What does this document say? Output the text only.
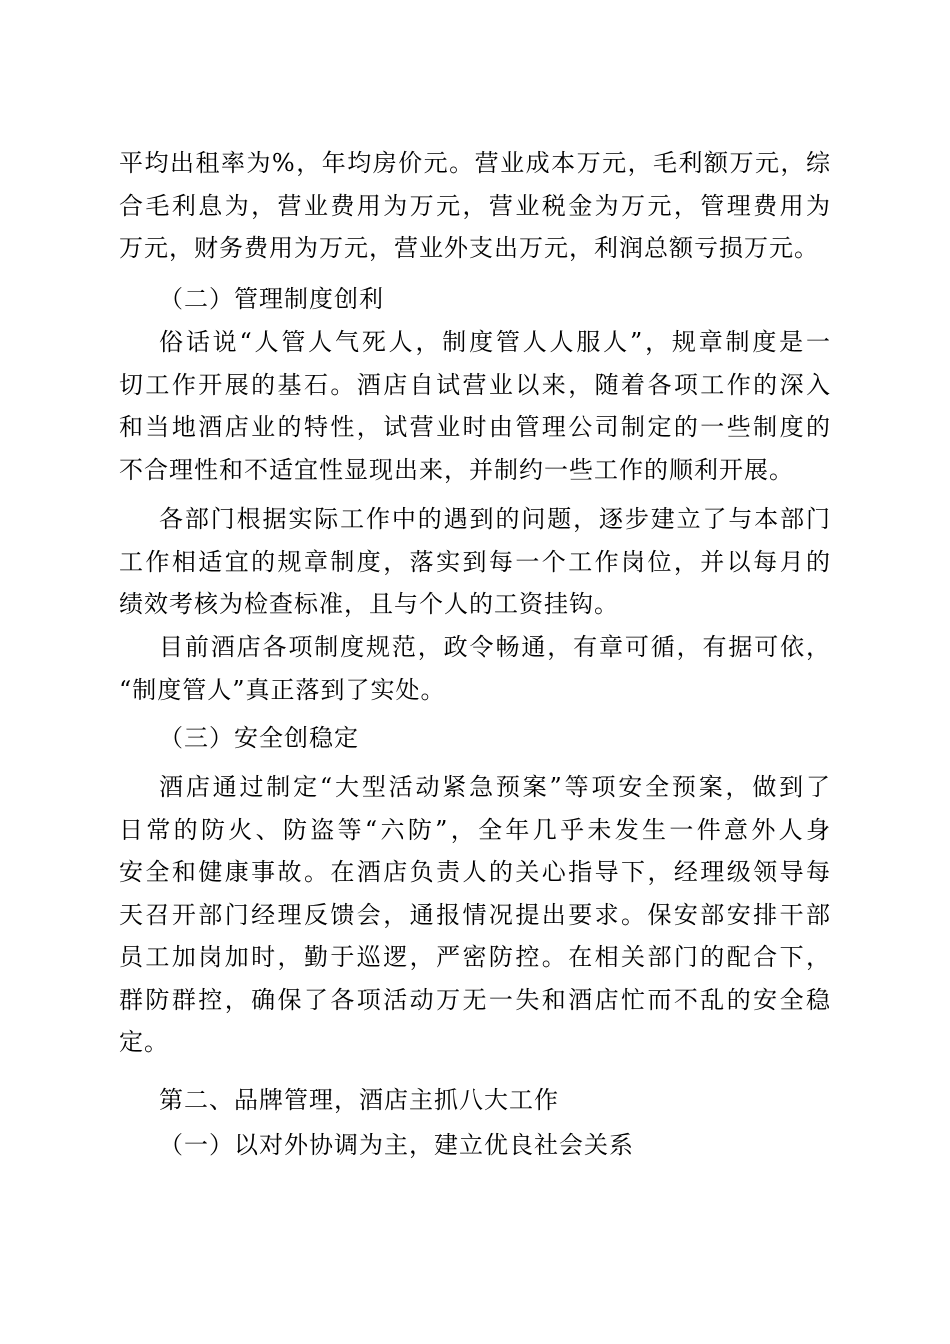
平均出租率为%，年均房价元。营业成本万元，毛利额万元，综
合毛利息为，营业费用为万元，营业税金为万元，管理费用为
万元，财务费用为万元，营业外支出万元，利润总额亏损万元。
（二）管理制度创利
俗话说“人管人气死人，制度管人人服人”，规章制度是一
切工作开展的基石。酒店自试营业以来，随着各项工作的深入
和当地酒店业的特性，试营业时由管理公司制定的一些制度的
不合理性和不适宜性显现出来，并制约一些工作的顺利开展。
各部门根据实际工作中的遇到的问题，逐步建立了与本部门
工作相适宜的规章制度，落实到每一个工作岗位，并以每月的
绩效考核为检查标准，且与个人的工资挂钩。
目前酒店各项制度规范，政令畅通，有章可循，有据可依，
“制度管人”真正落到了实处。
（三）安全创稳定
酒店通过制定“大型活动紧急预案”等项安全预案，做到了
日常的防火、防盗等“六防”，全年几乎未发生一件意外人身
安全和健康事故。在酒店负责人的关心指导下，经理级领导每
天召开部门经理反馈会，通报情况提出要求。保安部安排干部
员工加岗加时，勤于巡逻，严密防控。在相关部门的配合下，
群防群控，确保了各项活动万无一失和酒店忙而不乱的安全稳
定。
第二、品牌管理，酒店主抓八大工作
（一）以对外协调为主，建立优良社会关系
